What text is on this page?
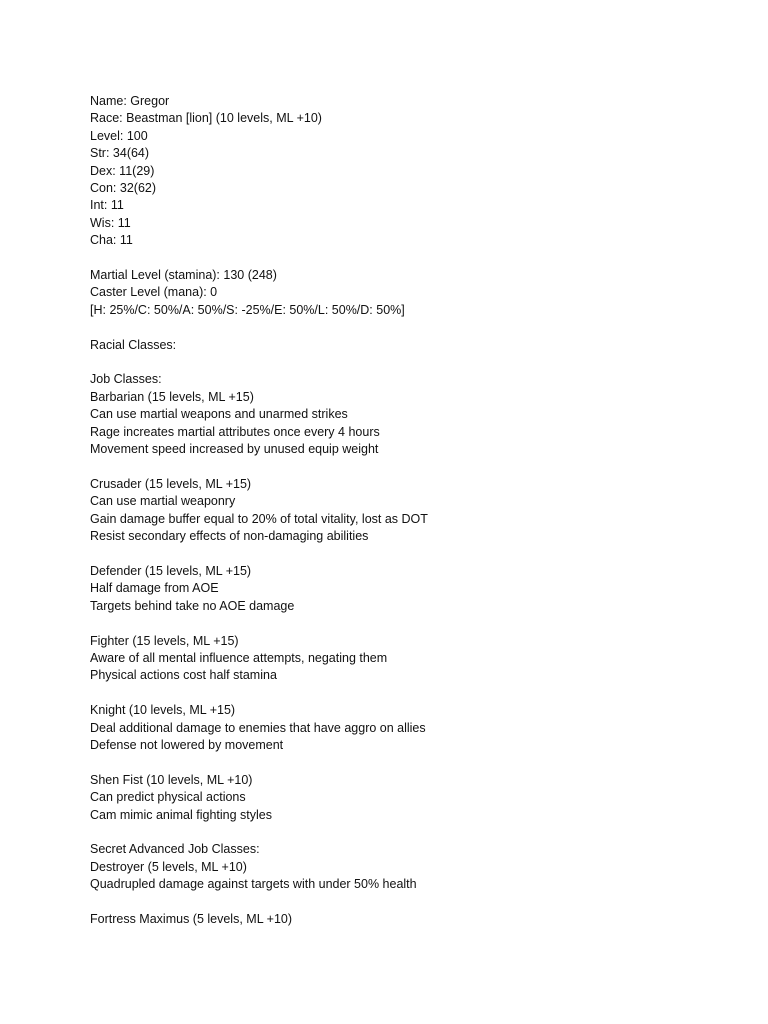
Name: Gregor
Race: Beastman [lion] (10 levels, ML +10)
Level: 100
Str: 34(64)
Dex: 11(29)
Con: 32(62)
Int: 11
Wis: 11
Cha: 11
Martial Level (stamina): 130 (248)
Caster Level (mana): 0
[H: 25%/C: 50%/A: 50%/S: -25%/E: 50%/L: 50%/D: 50%]
Racial Classes:
Job Classes:
Barbarian (15 levels, ML +15)
Can use martial weapons and unarmed strikes
Rage increates martial attributes once every 4 hours
Movement speed increased by unused equip weight
Crusader (15 levels, ML +15)
Can use martial weaponry
Gain damage buffer equal to 20% of total vitality, lost as DOT
Resist secondary effects of non-damaging abilities
Defender (15 levels, ML +15)
Half damage from AOE
Targets behind take no AOE damage
Fighter (15 levels, ML +15)
Aware of all mental influence attempts, negating them
Physical actions cost half stamina
Knight (10 levels, ML +15)
Deal additional damage to enemies that have aggro on allies
Defense not lowered by movement
Shen Fist (10 levels, ML +10)
Can predict physical actions
Cam mimic animal fighting styles
Secret Advanced Job Classes:
Destroyer (5 levels, ML +10)
Quadrupled damage against targets with under 50% health
Fortress Maximus (5 levels, ML +10)
